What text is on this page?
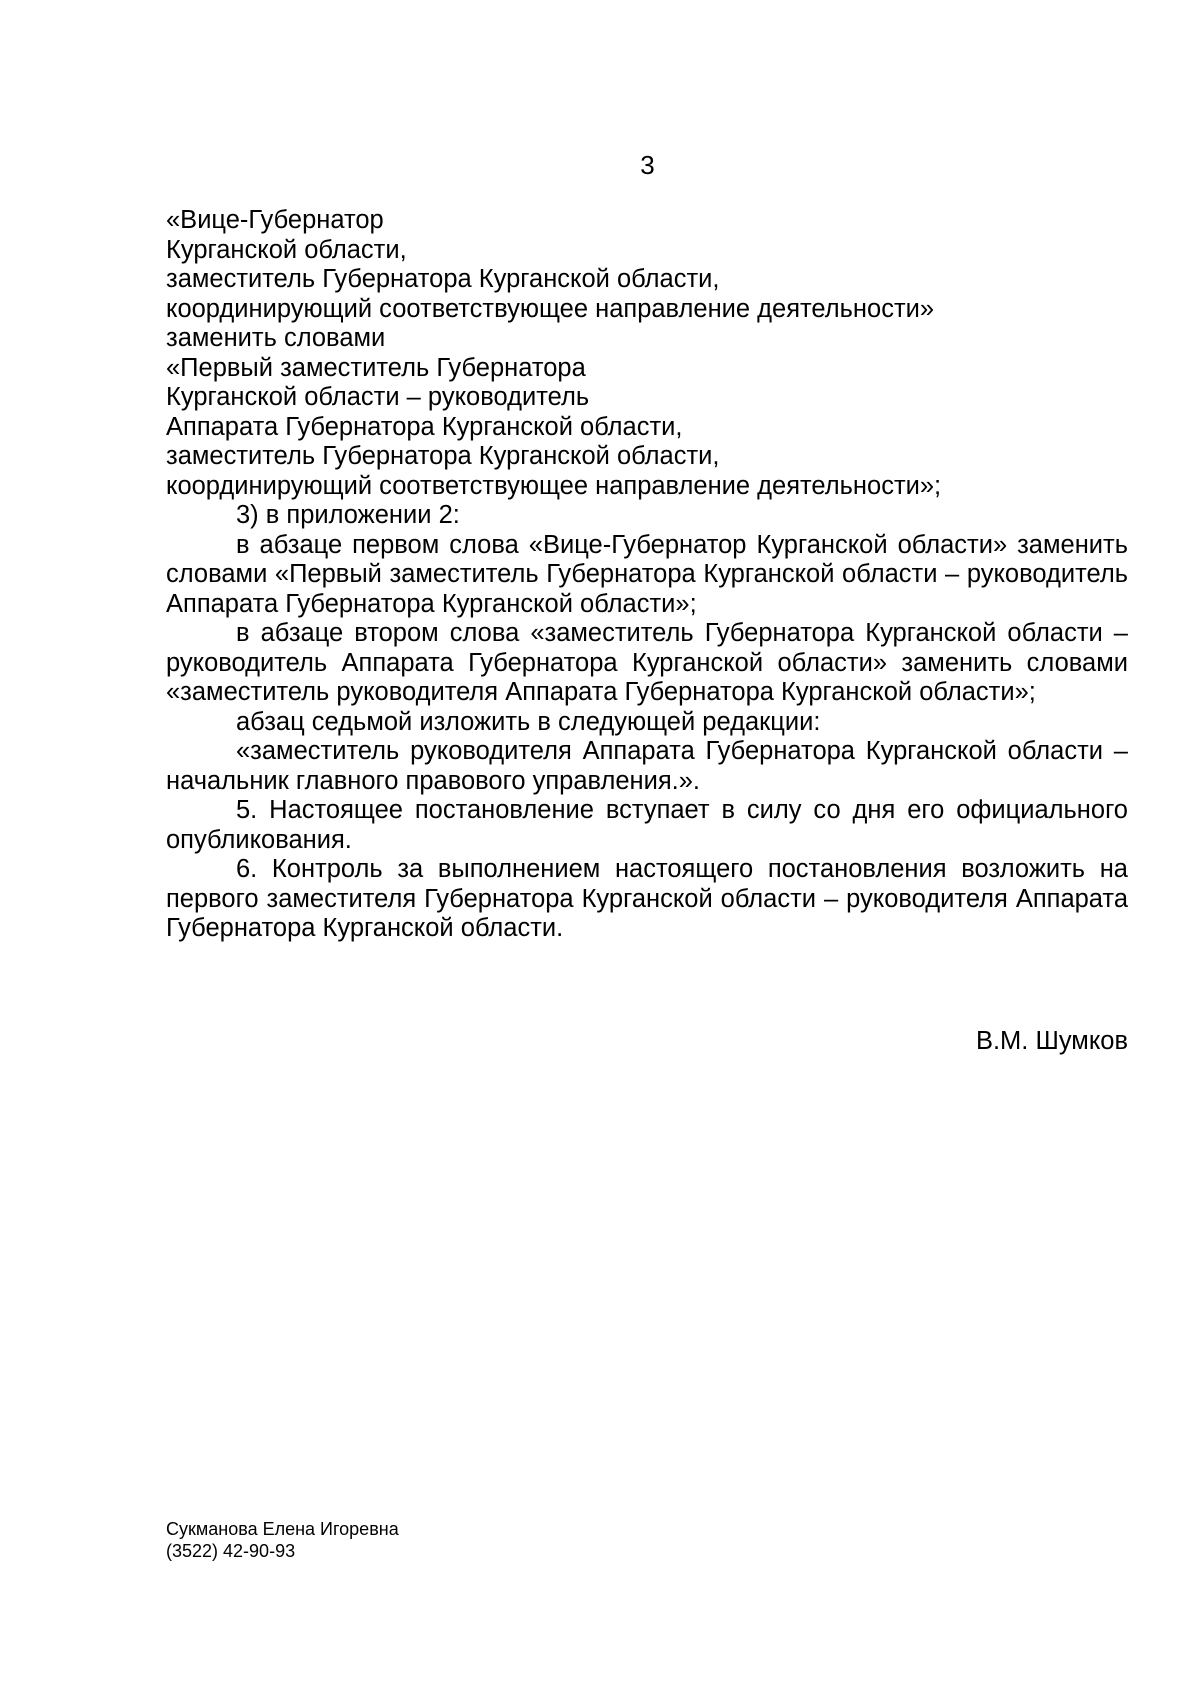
3
«Вице-Губернатор
Курганской области,
заместитель Губернатора Курганской области,
координирующий соответствующее направление деятельности»
заменить словами
«Первый заместитель Губернатора
Курганской области – руководитель
Аппарата Губернатора Курганской области,
заместитель Губернатора Курганской области,
координирующий соответствующее направление деятельности»;

3) в приложении 2:

в абзаце первом слова «Вице-Губернатор Курганской области» заменить словами «Первый заместитель Губернатора Курганской области – руководитель Аппарата Губернатора Курганской области»;

в абзаце втором слова «заместитель Губернатора Курганской области – руководитель Аппарата Губернатора Курганской области» заменить словами «заместитель руководителя Аппарата Губернатора Курганской области»;

абзац седьмой изложить в следующей редакции:

«заместитель руководителя Аппарата Губернатора Курганской области – начальник главного правового управления.».

5. Настоящее постановление вступает в силу со дня его официального опубликования.

6. Контроль за выполнением настоящего постановления возложить на первого заместителя Губернатора Курганской области – руководителя Аппарата Губернатора Курганской области.

В.М. Шумков
Сукманова Елена Игоревна
(3522) 42-90-93
